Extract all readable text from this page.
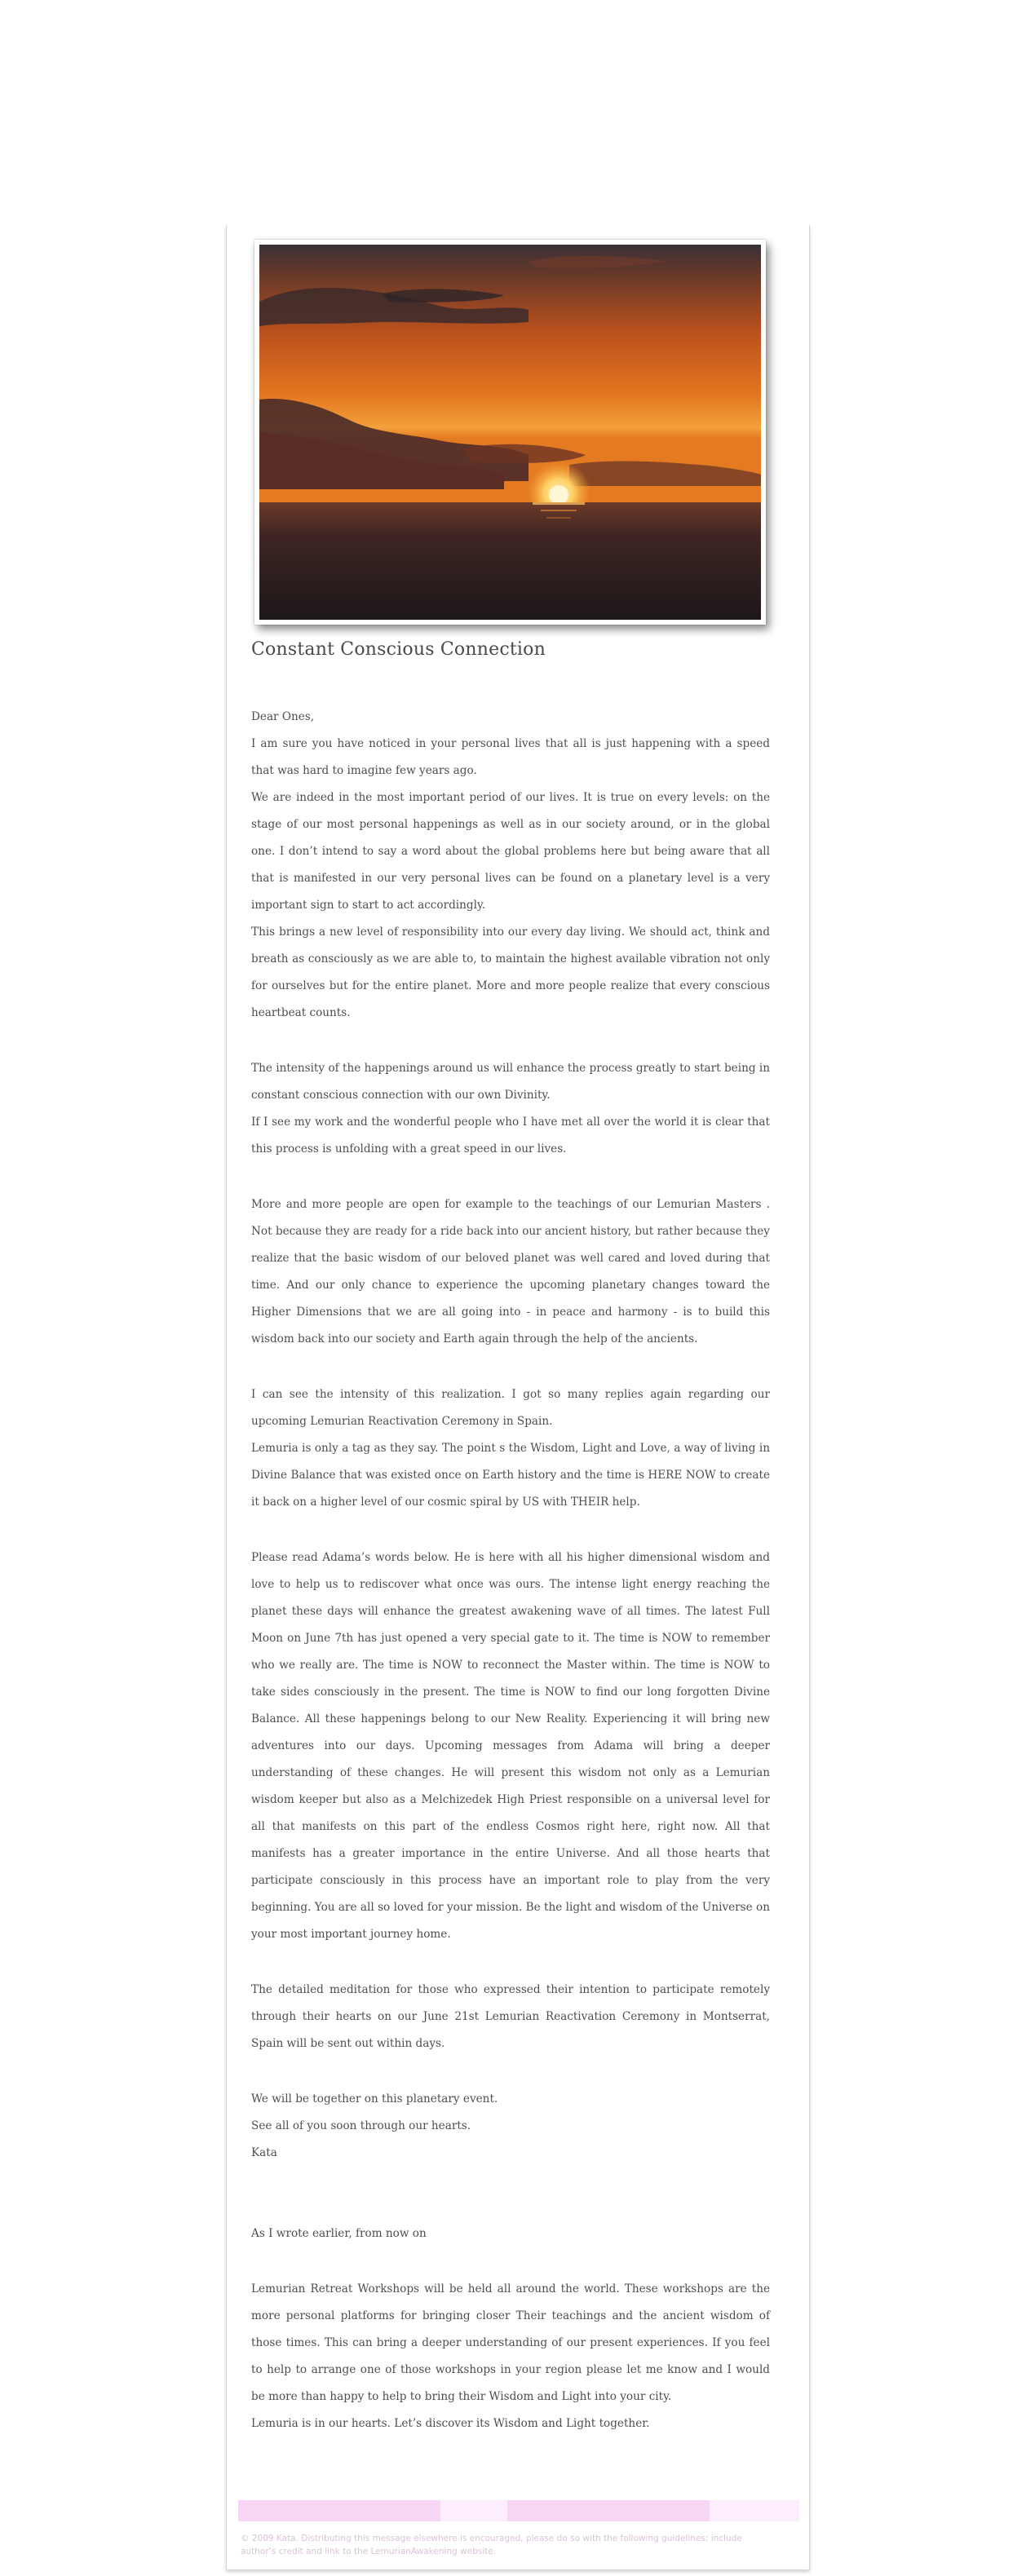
Constant Conscious Connection

Dear Ones,

I am sure you have noticed in your personal lives that all is just happening with a speed that was hard to imagine few years ago.

We are indeed in the most important period of our lives. It is true on every levels: on the stage of our most personal happenings as well as in our society around, or in the global one. I don’t intend to say a word about the global problems here but being aware that all that is manifested in our very personal lives can be found on a planetary level is a very important sign to start to act accordingly.

This brings a new level of responsibility into our every day living. We should act, think and breath as consciously as we are able to, to maintain the highest available vibration not only for ourselves but for the entire planet. More and more people realize that every conscious heartbeat counts.

The intensity of the happenings around us will enhance the process greatly to start being in constant conscious connection with our own Divinity.

If I see my work and the wonderful people who I have met all over the world it is clear that this process is unfolding with a great speed in our lives.

More and more people are open for example to the teachings of our Lemurian Masters . Not because they are ready for a ride back into our ancient history, but rather because they realize that the basic wisdom of our beloved planet was well cared and loved during that time. And our only chance to experience the upcoming planetary changes toward the Higher Dimensions that we are all going into - in peace and harmony - is to build this wisdom back into our society and Earth again through the help of the ancients.

I can see the intensity of this realization. I got so many replies again regarding our upcoming Lemurian Reactivation Ceremony in Spain.

Lemuria is only a tag as they say. The point s the Wisdom, Light and Love, a way of living in Divine Balance that was existed once on Earth history and the time is HERE NOW to create it back on a higher level of our cosmic spiral by US with THEIR help.

Please read Adama’s words below. He is here with all his higher dimensional wisdom and love to help us to rediscover what once was ours. The intense light energy reaching the planet these days will enhance the greatest awakening wave of all times. The latest Full Moon on June 7th has just opened a very special gate to it. The time is NOW to remember who we really are. The time is NOW to reconnect the Master within. The time is NOW to take sides consciously in the present. The time is NOW to find our long forgotten Divine Balance. All these happenings belong to our New Reality. Experiencing it will bring new adventures into our days. Upcoming messages from Adama will bring a deeper understanding of these changes. He will present this wisdom not only as a Lemurian wisdom keeper but also as a Melchizedek High Priest responsible on a universal level for all that manifests on this part of the endless Cosmos right here, right now. All that manifests has a greater importance in the entire Universe. And all those hearts that participate consciously in this process have an important role to play from the very beginning. You are all so loved for your mission. Be the light and wisdom of the Universe on your most important journey home.

The detailed meditation for those who expressed their intention to participate remotely through their hearts on our June 21st Lemurian Reactivation Ceremony in Montserrat, Spain will be sent out within days.

We will be together on this planetary event.

See all of you soon through our hearts.

Kata

As I wrote earlier, from now on

Lemurian Retreat Workshops will be held all around the world. These workshops are the more personal platforms for bringing closer Their teachings and the ancient wisdom of those times. This can bring a deeper understanding of our present experiences. If you feel to help to arrange one of those workshops in your region please let me know and I would be more than happy to help to bring their Wisdom and Light into your city.

Lemuria is in our hearts. Let’s discover its Wisdom and Light together.

© 2009 Kata. Distributing this message elsewhere is encouraged, please do so with the following guidelines: include author’s credit and link to the LemurianAwakening website.
